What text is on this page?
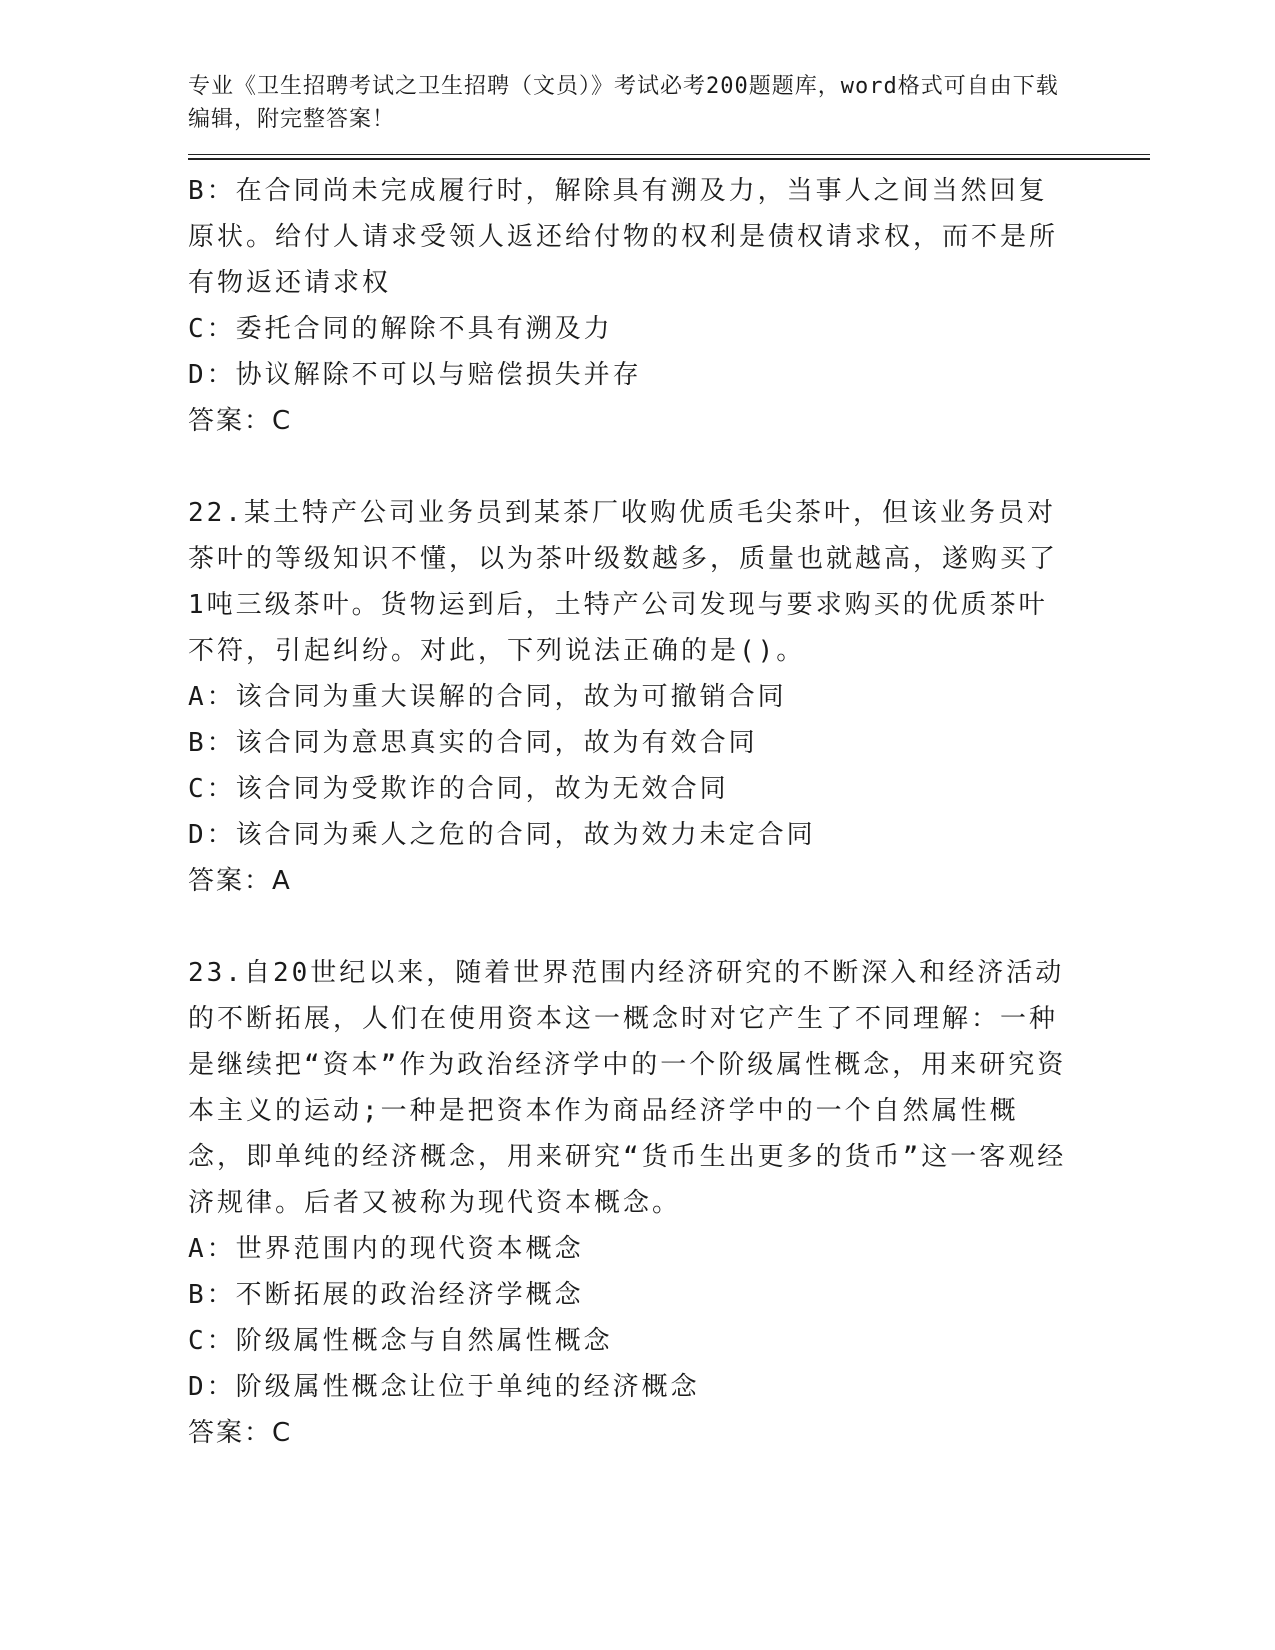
专业《卫生招聘考试之卫生招聘（文员）》考试必考200题题库，word格式可自由下载编辑，附完整答案！
B：在合同尚未完成履行时，解除具有溯及力，当事人之间当然回复原状。给付人请求受领人返还给付物的权利是债权请求权，而不是所有物返还请求权
C：委托合同的解除不具有溯及力
D：协议解除不可以与赔偿损失并存
答案：C
22.某土特产公司业务员到某茶厂收购优质毛尖茶叶，但该业务员对茶叶的等级知识不懂，以为茶叶级数越多，质量也就越高，遂购买了1吨三级茶叶。货物运到后，土特产公司发现与要求购买的优质茶叶不符，引起纠纷。对此，下列说法正确的是()。
A：该合同为重大误解的合同，故为可撤销合同
B：该合同为意思真实的合同，故为有效合同
C：该合同为受欺诈的合同，故为无效合同
D：该合同为乘人之危的合同，故为效力未定合同
答案：A
23.自20世纪以来，随着世界范围内经济研究的不断深入和经济活动的不断拓展，人们在使用资本这一概念时对它产生了不同理解：一种是继续把“资本”作为政治经济学中的一个阶级属性概念，用来研究资本主义的运动;一种是把资本作为商品经济学中的一个自然属性概念，即单纯的经济概念，用来研究“货币生出更多的货币”这一客观经济规律。后者又被称为现代资本概念。
A：世界范围内的现代资本概念
B：不断拓展的政治经济学概念
C：阶级属性概念与自然属性概念
D：阶级属性概念让位于单纯的经济概念
答案：C
